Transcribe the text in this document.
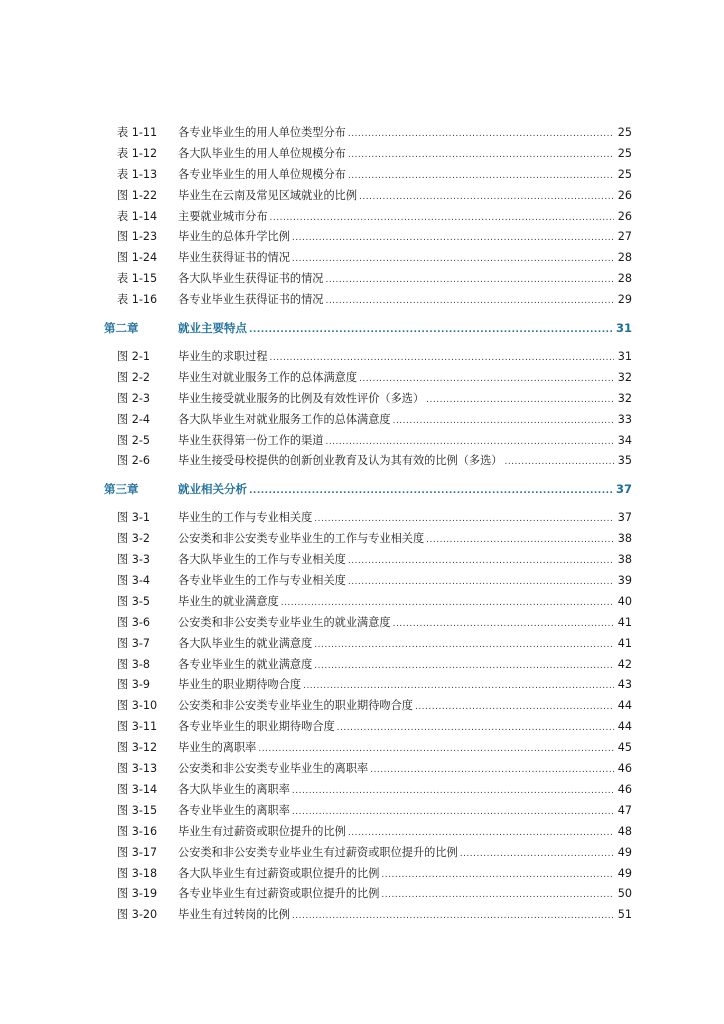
表 1-11	各专业毕业生的用人单位类型分布 .....	25
表 1-12	各大队毕业生的用人单位规模分布 .....	25
表 1-13	各专业毕业生的用人单位规模分布 .....	25
图 1-22	毕业生在云南及常见区域就业的比例 .....	26
表 1-14	主要就业城市分布 .....	26
图 1-23	毕业生的总体升学比例 .....	27
图 1-24	毕业生获得证书的情况 .....	28
表 1-15	各大队毕业生获得证书的情况 .....	28
表 1-16	各专业毕业生获得证书的情况 .....	29
第二章	就业主要特点 .....	31
图 2-1	毕业生的求职过程 .....	31
图 2-2	毕业生对就业服务工作的总体满意度 .....	32
图 2-3	毕业生接受就业服务的比例及有效性评价（多选） .....	32
图 2-4	各大队毕业生对就业服务工作的总体满意度 .....	33
图 2-5	毕业生获得第一份工作的渠道 .....	34
图 2-6	毕业生接受母校提供的创新创业教育及认为其有效的比例（多选） .....	35
第三章	就业相关分析 .....	37
图 3-1	毕业生的工作与专业相关度 .....	37
图 3-2	公安类和非公安类专业毕业生的工作与专业相关度 .....	38
图 3-3	各大队毕业生的工作与专业相关度 .....	38
图 3-4	各专业毕业生的工作与专业相关度 .....	39
图 3-5	毕业生的就业满意度 .....	40
图 3-6	公安类和非公安类专业毕业生的就业满意度 .....	41
图 3-7	各大队毕业生的就业满意度 .....	41
图 3-8	各专业毕业生的就业满意度 .....	42
图 3-9	毕业生的职业期待吻合度 .....	43
图 3-10	公安类和非公安类专业毕业生的职业期待吻合度 .....	44
图 3-11	各专业毕业生的职业期待吻合度 .....	44
图 3-12	毕业生的离职率 .....	45
图 3-13	公安类和非公安类专业毕业生的离职率 .....	46
图 3-14	各大队毕业生的离职率 .....	46
图 3-15	各专业毕业生的离职率 .....	47
图 3-16	毕业生有过薪资或职位提升的比例 .....	48
图 3-17	公安类和非公安类专业毕业生有过薪资或职位提升的比例 .....	49
图 3-18	各大队毕业生有过薪资或职位提升的比例 .....	49
图 3-19	各专业毕业生有过薪资或职位提升的比例 .....	50
图 3-20	毕业生有过转岗的比例 .....	51
